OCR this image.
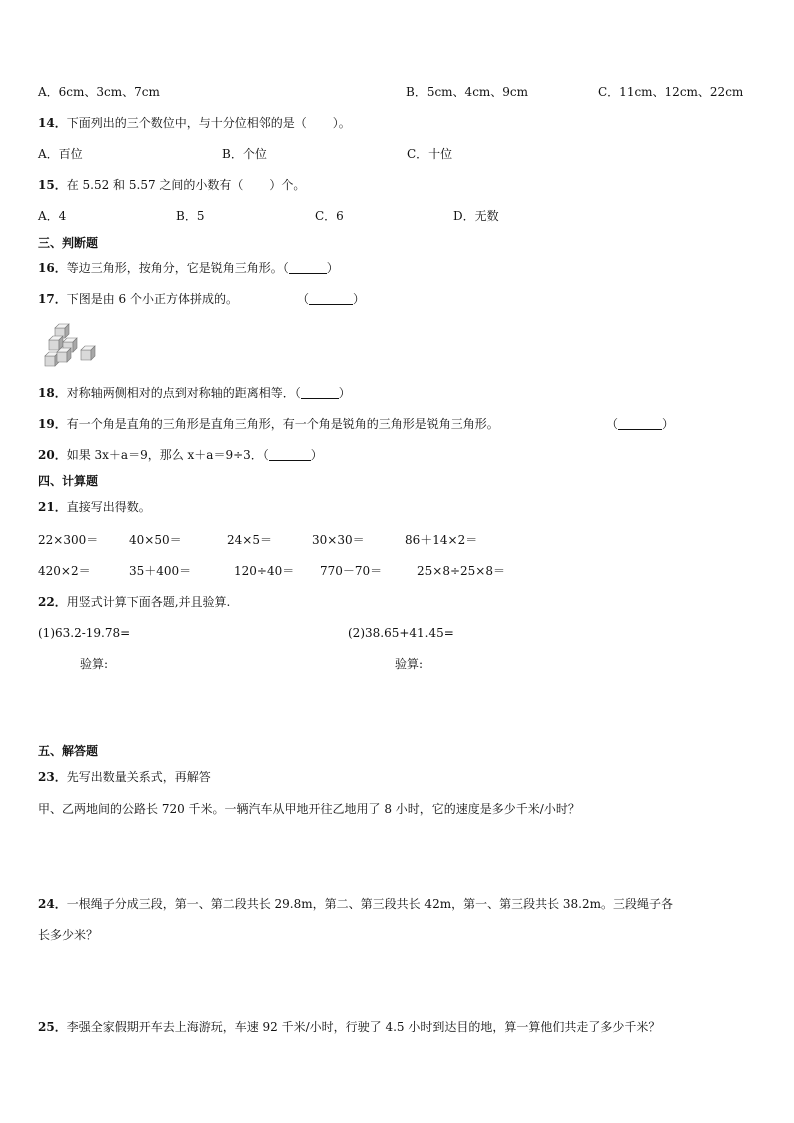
A．6cm、3cm、7cm	B．5cm、4cm、9cm	C．11cm、12cm、22cm
14．下面列出的三个数位中，与十分位相邻的是（ ）。
A．百位	B．个位	C．十位
15．在 5.52 和 5.57 之间的小数有（ ）个。
A．4	B．5	C．6	D．无数
三、判断题
16．等边三角形，按角分，它是锐角三角形。（	）
17．下图是由 6 个小正方体拼成的。	（	）
18．对称轴两侧相对的点到对称轴的距离相等．（	）
19．有一个角是直角的三角形是直角三角形，有一个角是锐角的三角形是锐角三角形。	（	）
20．如果 3x＋a＝9，那么 x＋a＝9÷3．（	）
四、计算题
21．直接写出得数。
22×300＝	40×50＝	24×5＝	30×30＝	86＋14×2＝
420×2＝	35＋400＝	120÷40＝ 770－70＝	25×8÷25×8＝
22．用竖式计算下面各题,并且验算.
(1)63.2-19.78=	(2)38.65+41.45=
验算:	验算:
五、解答题
23．先写出数量关系式，再解答
甲、乙两地间的公路长 720 千米。一辆汽车从甲地开往乙地用了 8 小时，它的速度是多少千米/小时？
24．一根绳子分成三段，第一、第二段共长 29.8m，第二、第三段共长 42m，第一、第三段共长 38.2m。三段绳子各
长多少米？
25．李强全家假期开车去上海游玩，车速 92 千米/小时，行驶了 4.5 小时到达目的地，算一算他们共走了多少千米？
